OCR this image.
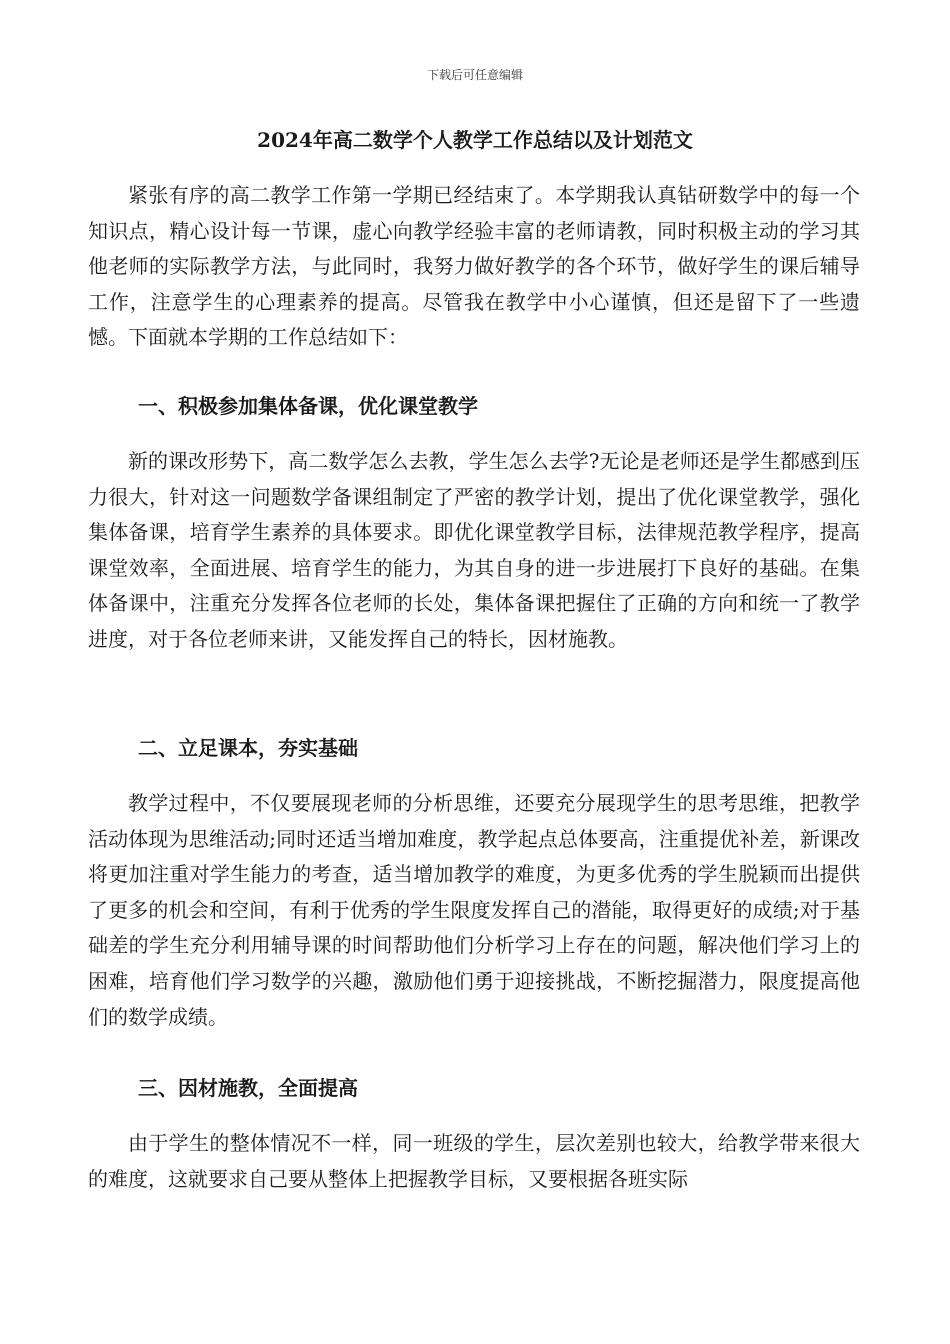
下载后可任意编辑
2024年高二数学个人教学工作总结以及计划范文

紧张有序的高二教学工作第一学期已经结束了。本学期我认真钻研数学中的每一个知识点，精心设计每一节课，虚心向教学经验丰富的老师请教，同时积极主动的学习其他老师的实际教学方法，与此同时，我努力做好教学的各个环节，做好学生的课后辅导工作，注意学生的心理素养的提高。尽管我在教学中小心谨慎，但还是留下了一些遗憾。下面就本学期的工作总结如下：

一、积极参加集体备课，优化课堂教学

新的课改形势下，高二数学怎么去教，学生怎么去学?无论是老师还是学生都感到压力很大，针对这一问题数学备课组制定了严密的教学计划，提出了优化课堂教学，强化集体备课，培育学生素养的具体要求。即优化课堂教学目标，法律规范教学程序，提高课堂效率，全面进展、培育学生的能力，为其自身的进一步进展打下良好的基础。在集体备课中，注重充分发挥各位老师的长处，集体备课把握住了正确的方向和统一了教学进度，对于各位老师来讲，又能发挥自己的特长，因材施教。

二、立足课本，夯实基础

教学过程中，不仅要展现老师的分析思维，还要充分展现学生的思考思维，把教学活动体现为思维活动;同时还适当增加难度，教学起点总体要高，注重提优补差，新课改将更加注重对学生能力的考查，适当增加教学的难度，为更多优秀的学生脱颖而出提供了更多的机会和空间，有利于优秀的学生限度发挥自己的潜能，取得更好的成绩;对于基础差的学生充分利用辅导课的时间帮助他们分析学习上存在的问题，解决他们学习上的困难，培育他们学习数学的兴趣，激励他们勇于迎接挑战，不断挖掘潜力，限度提高他们的数学成绩。

三、因材施教，全面提高

由于学生的整体情况不一样，同一班级的学生，层次差别也较大，给教学带来很大的难度，这就要求自己要从整体上把握教学目标，又要根据各班实际
